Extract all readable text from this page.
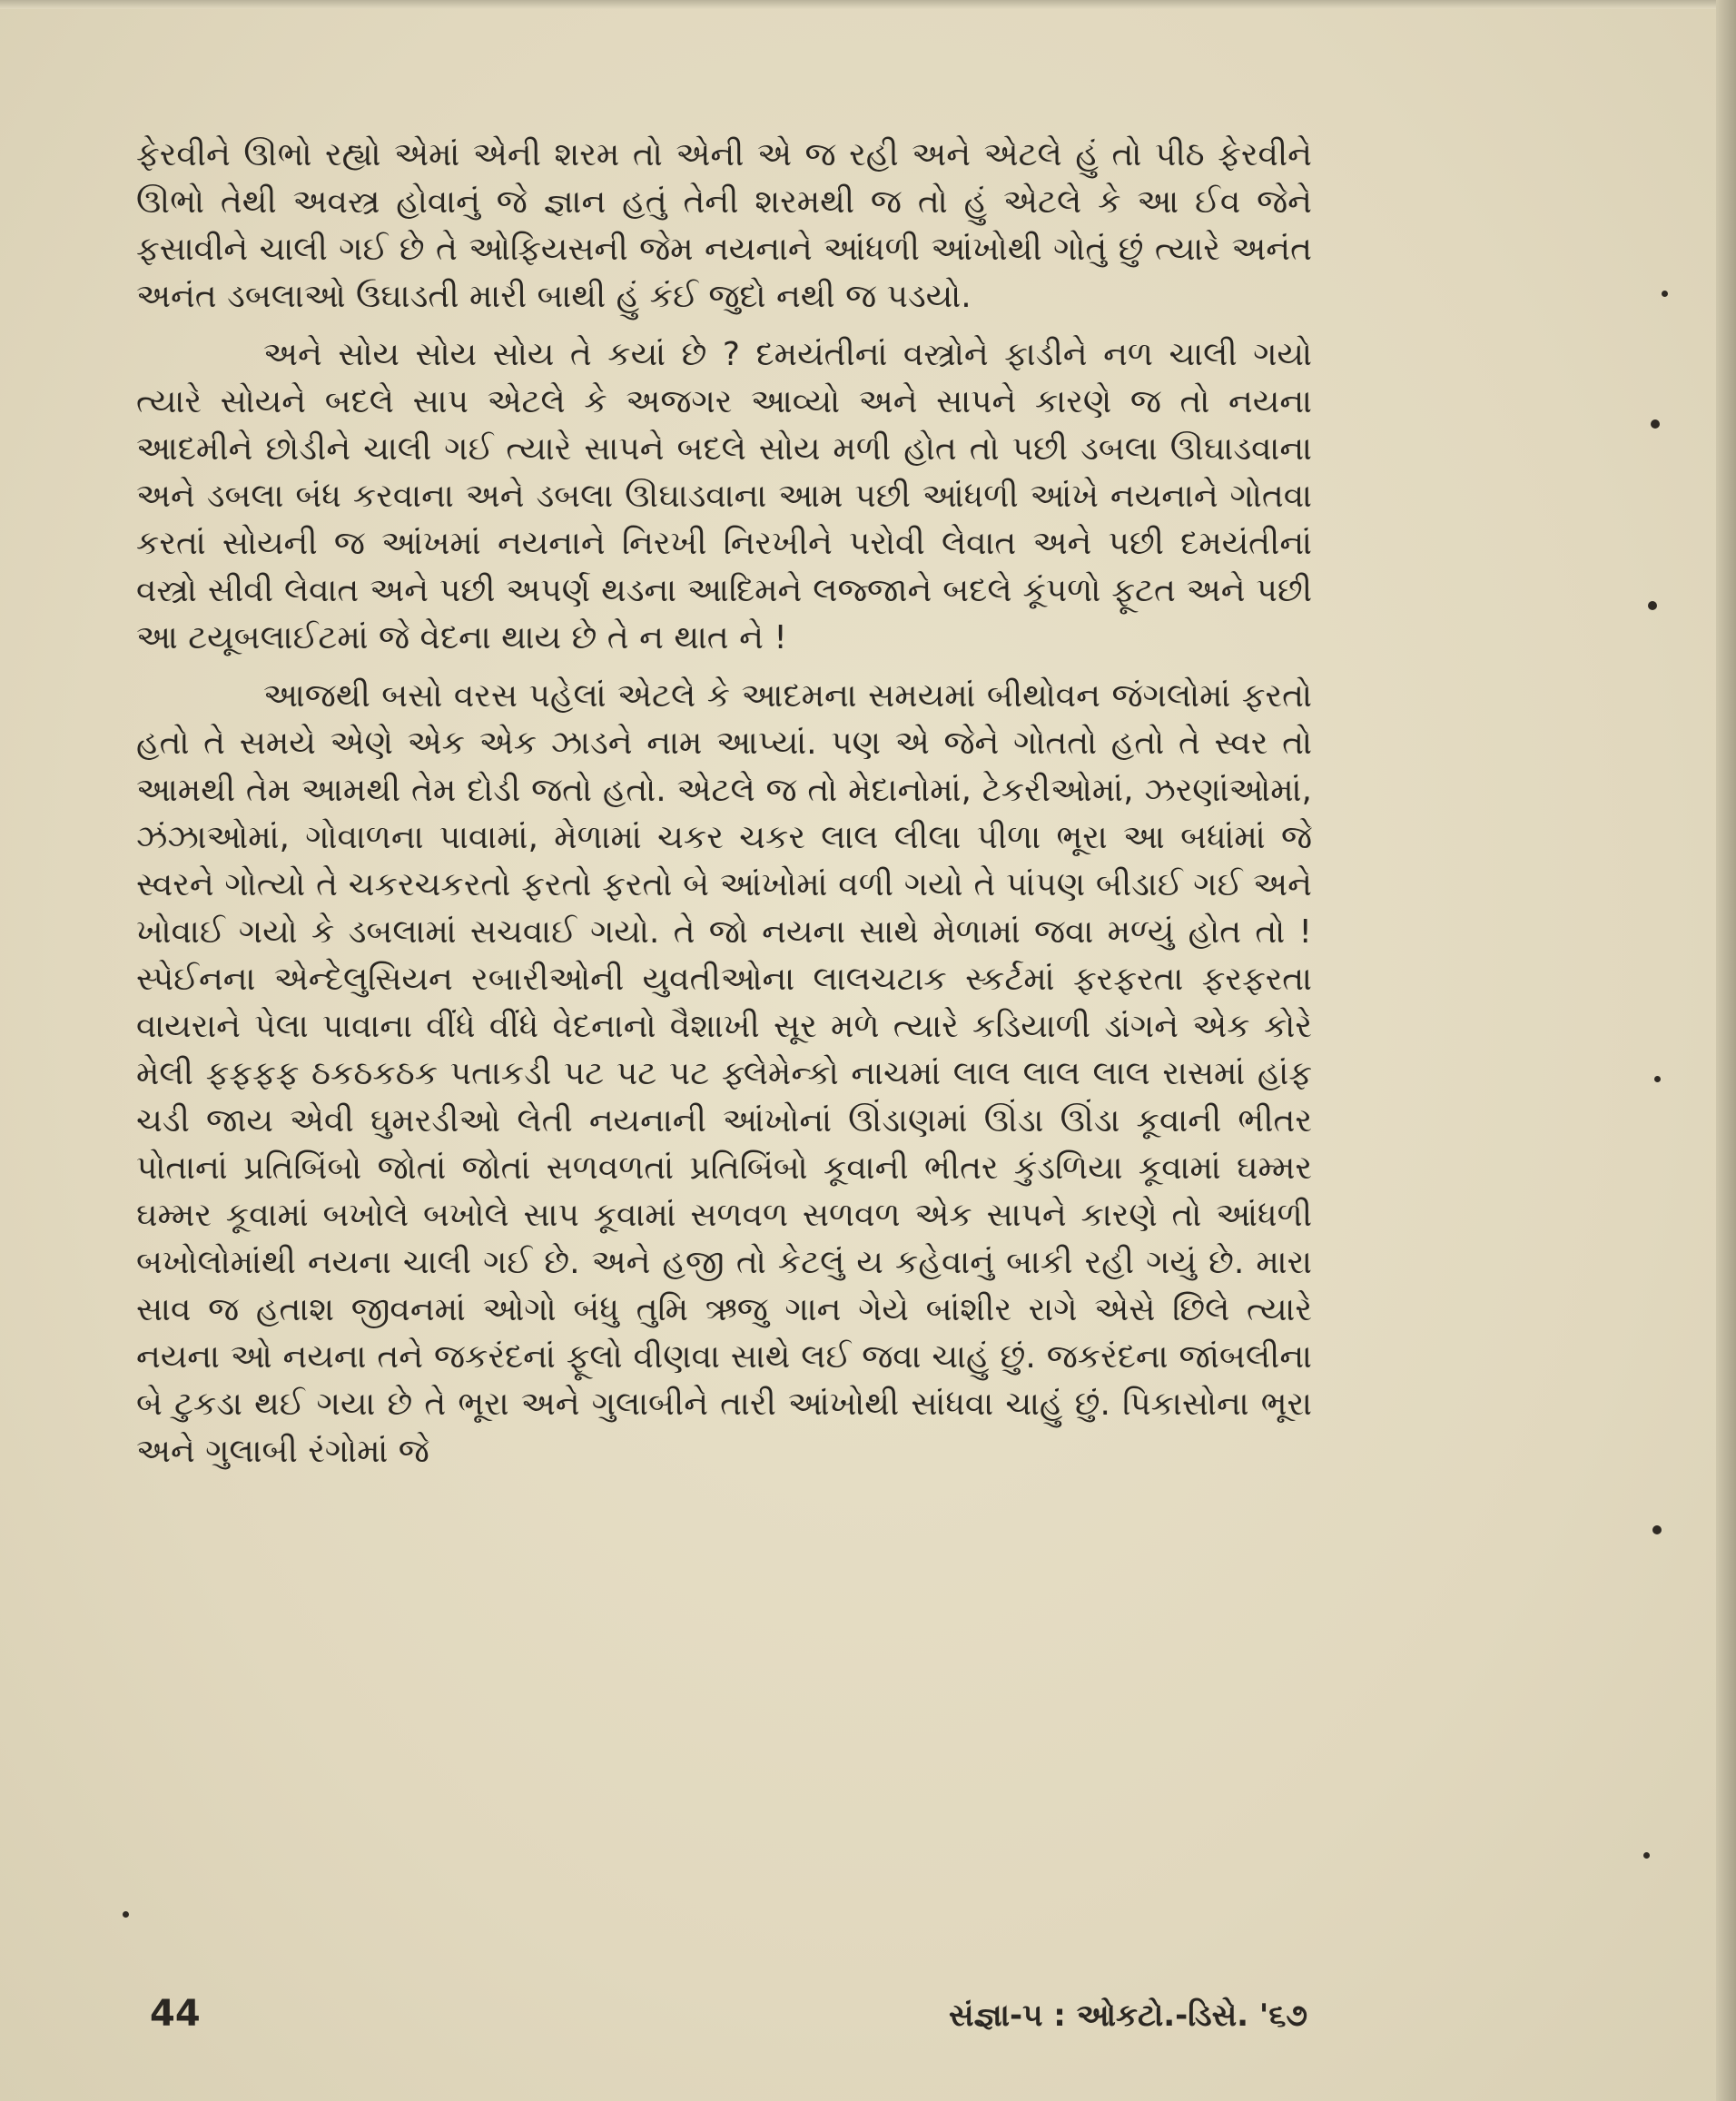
ફેરવીને ઊભો રહ્યો એમાં એની શરમ તો એની એ જ રહી અને એટલે હું તો પીઠ ફેરવીને ઊભો તેથી અવસ્ત્ર હોવાનું જે જ્ઞાન હતું તેની શરમથી જ તો હું એટલે કે આ ઈવ જેને ફસાવીને ચાલી ગઈ છે તે ઓફિયસની જેમ નયનાને આંધળી આંખોથી ગોતું છું ત્યારે અનંત અનંત ડબલાઓ ઉઘાડતી મારી બાથી હું કંઈ જુદો નથી જ પડયો.

અને સોય સોય સોય તે કયાં છે ? દમયંતીનાં વસ્ત્રોને ફાડીને નળ ચાલી ગયો ત્યારે સોયને બદલે સાપ એટલે કે અજગર આવ્યો અને સાપને કારણે જ તો નયના આદમીને છોડીને ચાલી ગઈ ત્યારે સાપને બદલે સોય મળી હોત તો પછી ડબલા ઊઘાડવાના અને ડબલા બંધ કરવાના અને ડબલા ઊઘાડવાના આમ પછી આંધળી આંખે નયનાને ગોતવા કરતાં સોયની જ આંખમાં નયનાને નિરખી નિરખીને પરોવી લેવાત અને પછી દમયંતીનાં વસ્ત્રો સીવી લેવાત અને પછી અપર્ણ થડના આદિમને લજ્જાને બદલે કૂંપળો ફૂટત અને પછી આ ટયૂબલાઈટમાં જે વેદના થાય છે તે ન થાત ને !

આજથી બસો વરસ પહેલાં એટલે કે આદમના સમયમાં બીથોવન જંગલોમાં ફરતો હતો તે સમયે એણે એક એક ઝાડને નામ આપ્યાં. પણ એ જેને ગોતતો હતો તે સ્વર તો આમથી તેમ આમથી તેમ દોડી જતો હતો. એટલે જ તો મેદાનોમાં, ટેકરીઓમાં, ઝરણાંઓમાં, ઝંઝાઓમાં, ગોવાળના પાવામાં, મેળામાં ચકર ચકર લાલ લીલા પીળા ભૂરા આ બધાંમાં જે સ્વરને ગોત્યો તે ચકરચકરતો ફરતો ફરતો બે આંખોમાં વળી ગયો તે પાંપણ બીડાઈ ગઈ અને ખોવાઈ ગયો કે ડબલામાં સચવાઈ ગયો. તે જો નયના સાથે મેળામાં જવા મળ્યું હોત તો ! સ્પેઈનના એન્દેલુસિયન રબારીઓની યુવતીઓના લાલચટાક સ્કર્ટમાં ફરફરતા ફરફરતા વાયરાને પેલા પાવાના વીંધે વીંધે વેદનાનો વૈશાખી સૂર મળે ત્યારે કડિયાળી ડાંગને એક કોરે મેલી ફફફફ ઠકઠકઠક પતાકડી પટ પટ પટ ફ્લેમેન્કો નાચમાં લાલ લાલ લાલ રાસમાં હાંફ ચડી જાય એવી ઘુમરડીઓ લેતી નયનાની આંખોનાં ઊંડાણમાં ઊંડા ઊંડા કૂવાની ભીતર પોતાનાં પ્રતિબિંબો જોતાં જોતાં સળવળતાં પ્રતિબિંબો કૂવાની ભીતર કુંડળિયા કૂવામાં ઘમ્મર ઘમ્મર કૂવામાં બખોલે બખોલે સાપ કૂવામાં સળવળ સળવળ એક સાપને કારણે તો આંધળી બખોલોમાંથી નયના ચાલી ગઈ છે. અને હજી તો કેટલું ય કહેવાનું બાકી રહી ગયું છે. મારા સાવ જ હતાશ જીવનમાં ઓગો બંધુ તુમિ ઋજુ ગાન ગેયે બાંશીર રાગે એસે છિલે ત્યારે નયના ઓ નયના તને જકરંદનાં ફૂલો વીણવા સાથે લઈ જવા ચાહું છું. જકરંદના જાંબલીના બે ટુકડા થઈ ગયા છે તે ભૂરા અને ગુલાબીને તારી આંખોથી સાંધવા ચાહું છું. પિકાસોના ભૂરા અને ગુલાબી રંગોમાં જે

44	સંજ્ઞા-૫ : ઓકટો.-ડિસે. '૬૭
